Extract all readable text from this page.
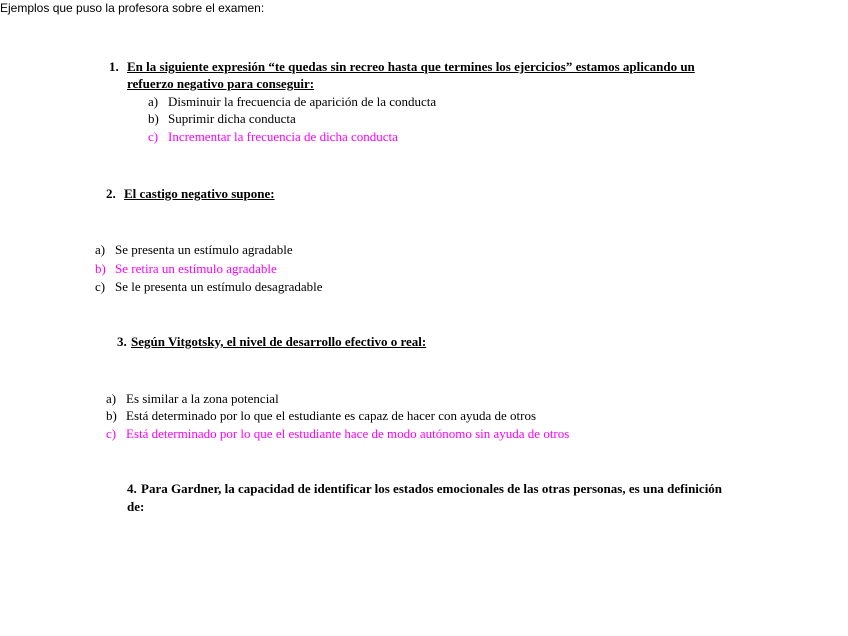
Ejemplos que puso la profesora sobre el examen:
1. En la siguiente expresión “te quedas sin recreo hasta que termines los ejercicios” estamos aplicando un
refuerzo negativo para conseguir:
a) Disminuir la frecuencia de aparición de la conducta
b) Suprimir dicha conducta
c) Incrementar la frecuencia de dicha conducta
2. El castigo negativo supone:
a) Se presenta un estímulo agradable
b) Se retira un estímulo agradable
c) Se le presenta un estímulo desagradable
3. Según Vitgotsky, el nivel de desarrollo efectivo o real:
a) Es similar a la zona potencial
b) Está determinado por lo que el estudiante es capaz de hacer con ayuda de otros
c) Está determinado por lo que el estudiante hace de modo autónomo sin ayuda de otros
4. Para Gardner, la capacidad de identificar los estados emocionales de las otras personas, es una definición
de:
